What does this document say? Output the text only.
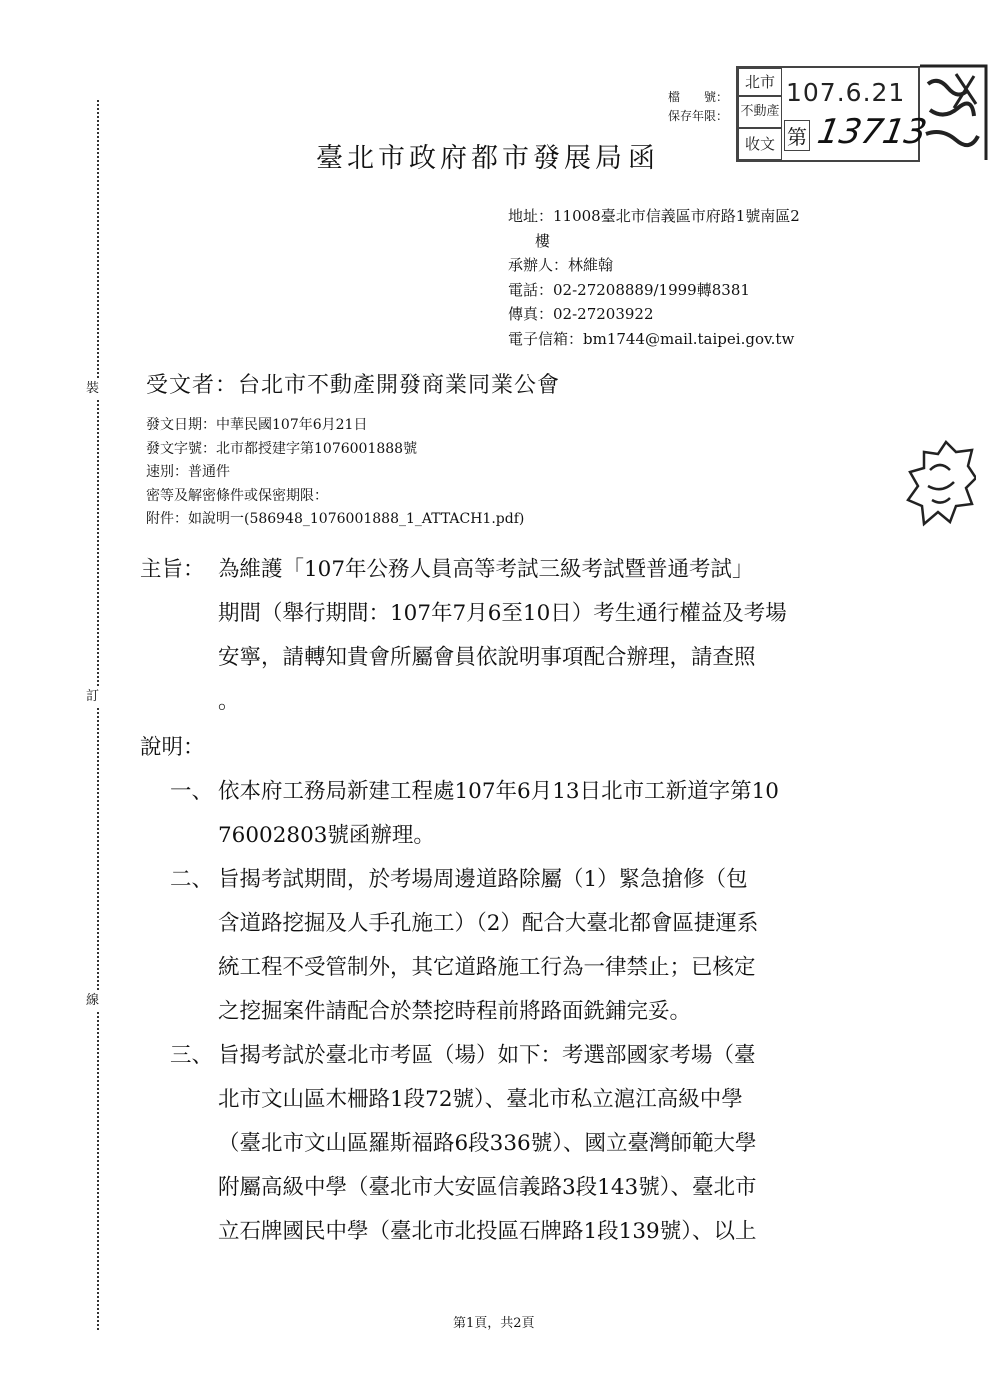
裝
訂
線
檔　　號：
保存年限：
北市
不動產
收文
107.6.21
第 13713
臺北市政府都市發展局 函
地址：11008臺北市信義區市府路1號南區2
樓
承辦人：林維翰
電話：02-27208889/1999轉8381
傳真：02-27203922
電子信箱：bm1744@mail.taipei.gov.tw
受文者：台北市不動產開發商業同業公會
發文日期：中華民國107年6月21日
發文字號：北市都授建字第1076001888號
速別：普通件
密等及解密條件或保密期限：
附件：如說明一(586948_1076001888_1_ATTACH1.pdf)
主旨： 為維護「107年公務人員高等考試三級考試暨普通考試」
期間（舉行期間：107年7月6至10日）考生通行權益及考場
安寧，請轉知貴會所屬會員依說明事項配合辦理，請查照
。
說明：
一、 依本府工務局新建工程處107年6月13日北市工新道字第10
76002803號函辦理。
二、 旨揭考試期間，於考場周邊道路除屬（1）緊急搶修（包
含道路挖掘及人手孔施工）（2）配合大臺北都會區捷運系
統工程不受管制外，其它道路施工行為一律禁止；已核定
之挖掘案件請配合於禁挖時程前將路面銑鋪完妥。
三、 旨揭考試於臺北市考區（場）如下：考選部國家考場（臺
北市文山區木柵路1段72號）、臺北市私立滬江高級中學
（臺北市文山區羅斯福路6段336號）、國立臺灣師範大學
附屬高級中學（臺北市大安區信義路3段143號）、臺北市
立石牌國民中學（臺北市北投區石牌路1段139號）、以上
第1頁，共2頁
